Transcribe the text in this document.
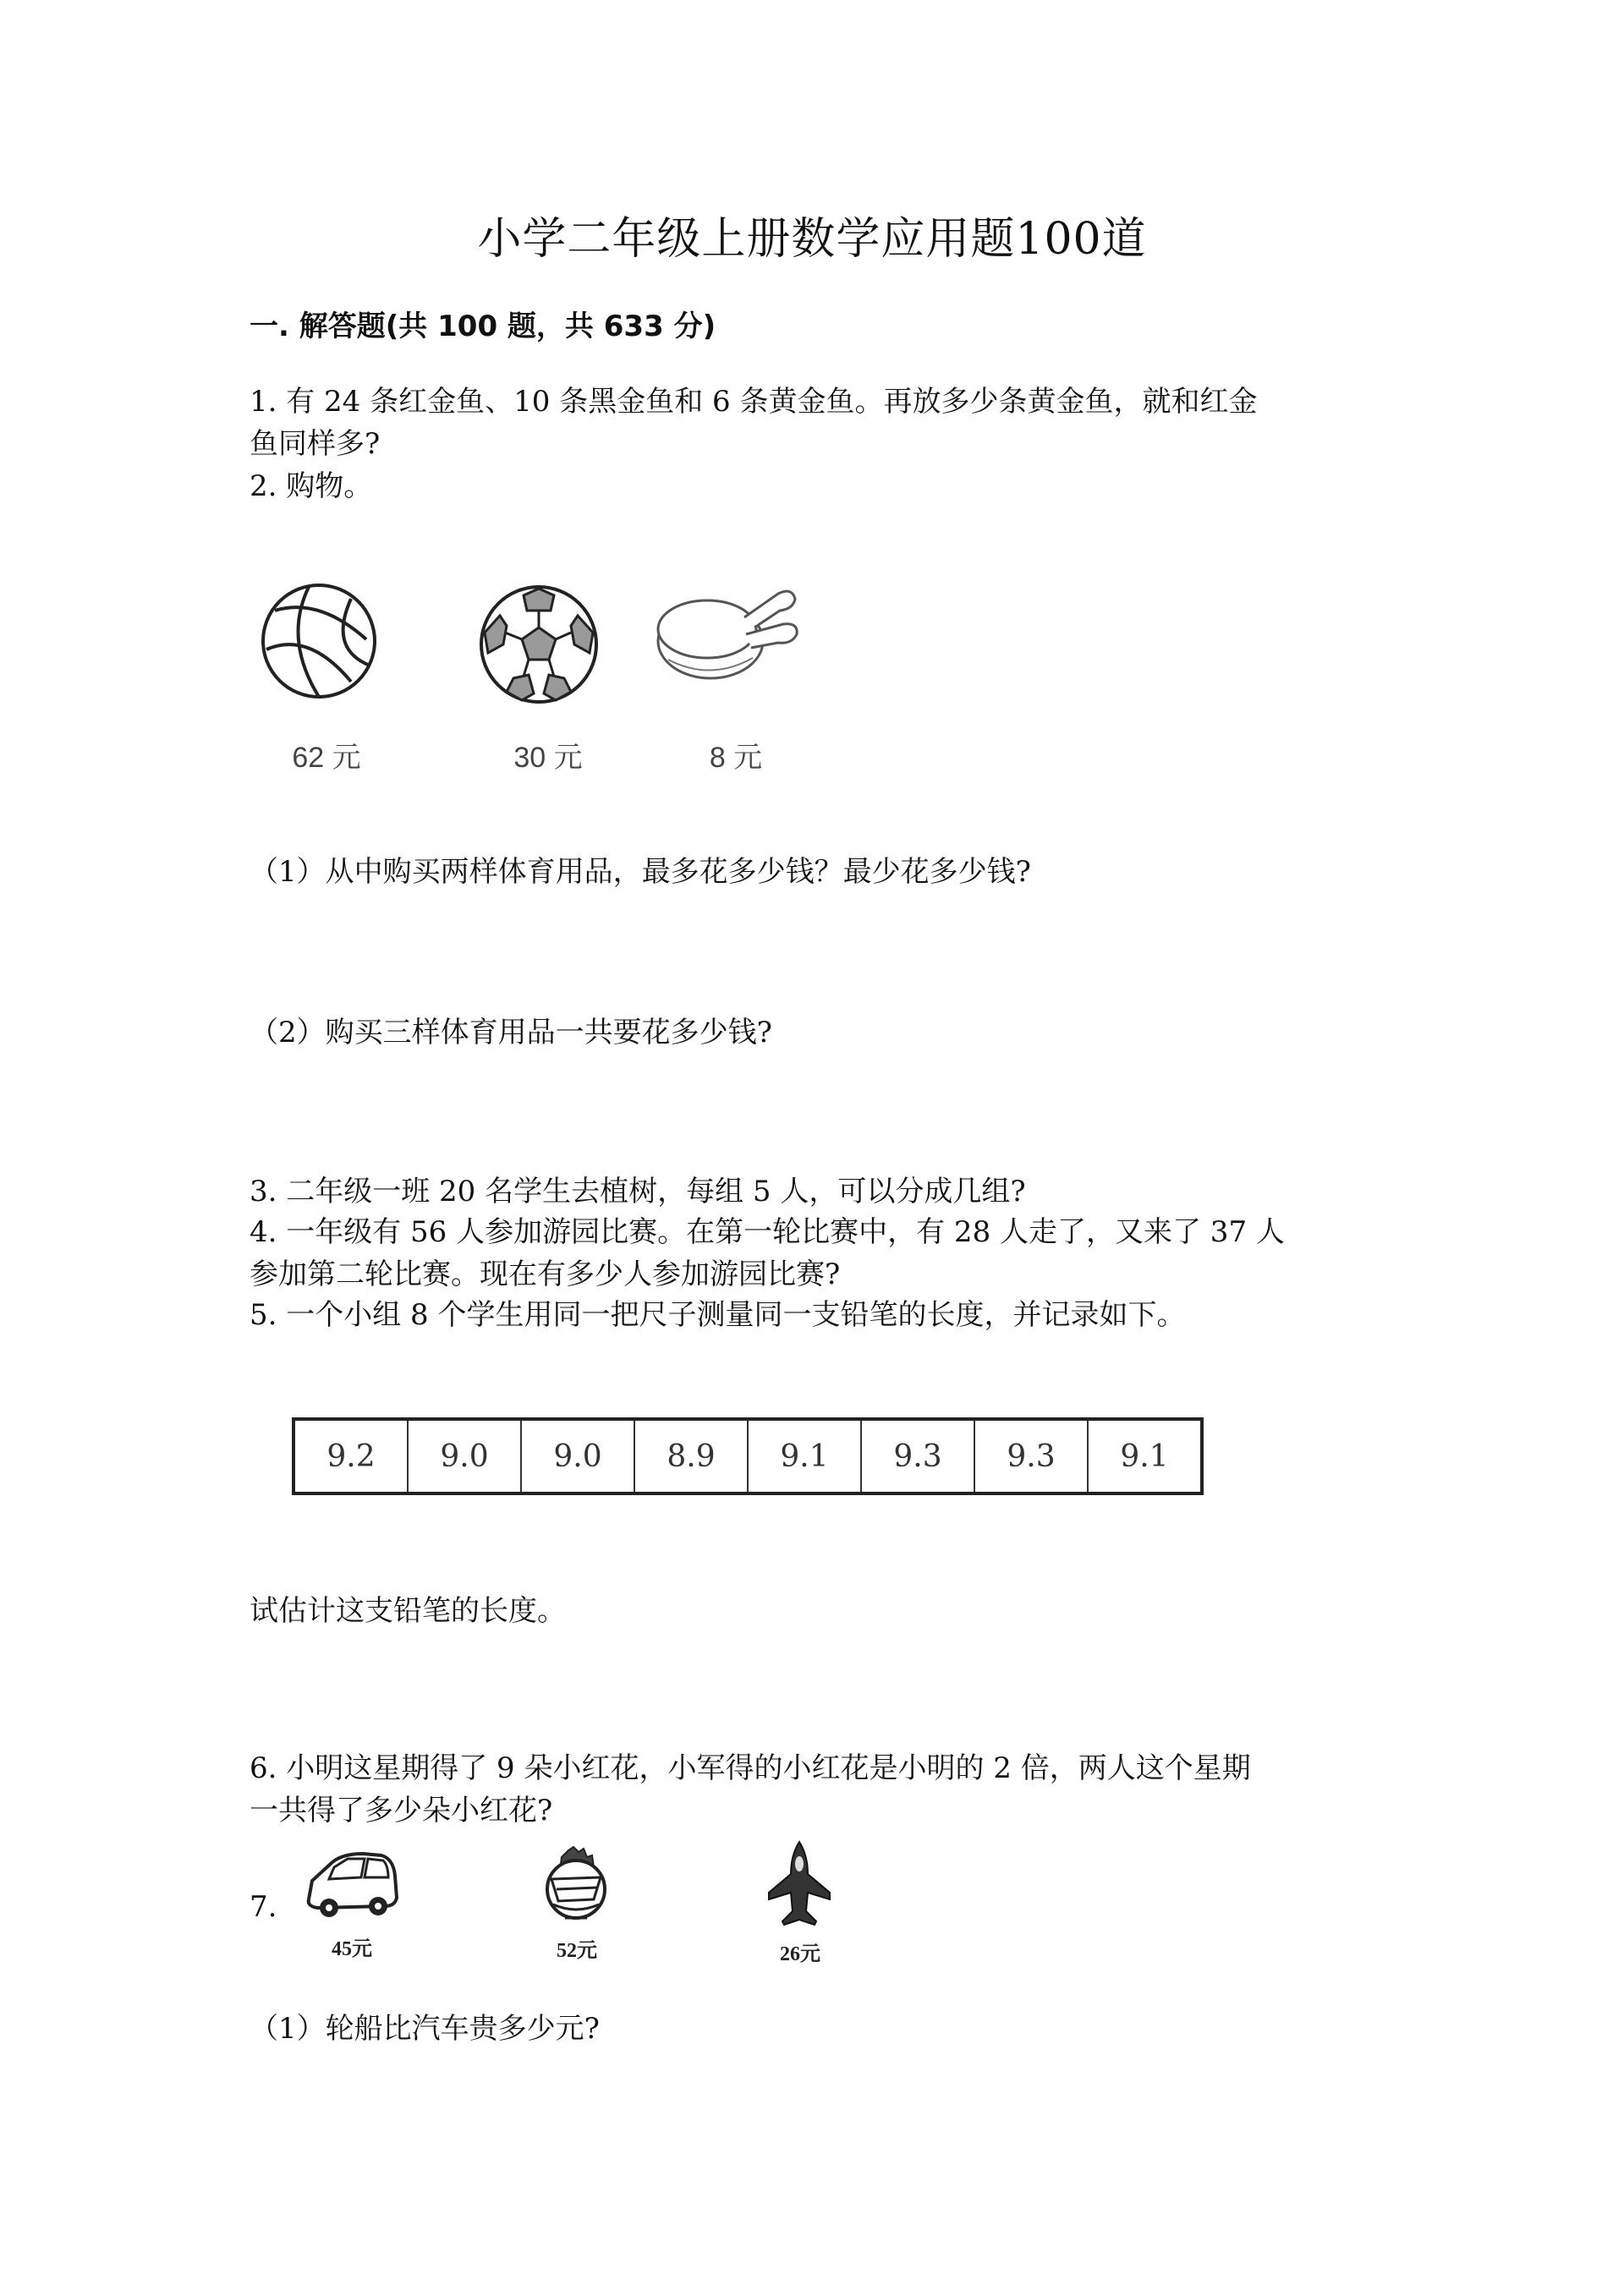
小学二年级上册数学应用题100道
一. 解答题(共 100 题，共 633 分)
1. 有 24 条红金鱼、10 条黑金鱼和 6 条黄金鱼。再放多少条黄金鱼，就和红金
鱼同样多?
2. 购物。
62 元	30 元	8 元
（1）从中购买两样体育用品，最多花多少钱？最少花多少钱?
（2）购买三样体育用品一共要花多少钱?
3. 二年级一班 20 名学生去植树，每组 5 人，可以分成几组?
4. 一年级有 56 人参加游园比赛。在第一轮比赛中，有 28 人走了，又来了 37 人
参加第二轮比赛。现在有多少人参加游园比赛?
5. 一个小组 8 个学生用同一把尺子测量同一支铅笔的长度，并记录如下。
9.2	9.0	9.0	8.9	9.1	9.3	9.3	9.1
试估计这支铅笔的长度。
6. 小明这星期得了 9 朵小红花，小军得的小红花是小明的 2 倍，两人这个星期
一共得了多少朵小红花?
7.
45元	52元	26元
（1）轮船比汽车贵多少元?
